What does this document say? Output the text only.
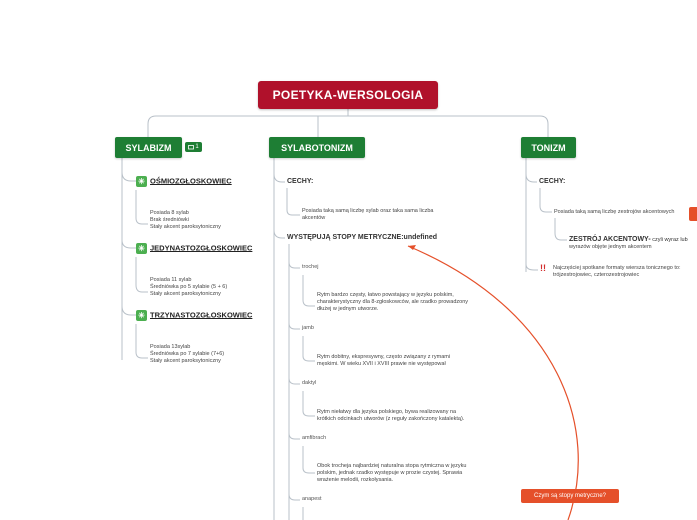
POETYKA-WERSOLOGIA
SYLABIZM	1
✳ OŚMIOZGŁOSKOWIEC
Posiada 8 sylab
Brak średniówki
Stały akcent paroksytoniczny
✳ JEDYNASTOZGŁOSKOWIEC
Posiada 11 sylab
Średniówka po 5 sylabie (5 + 6)
Stały akcent paroksytoniczny
✳ TRZYNASTOZGŁOSKOWIEC
Posiada 13sylab
Średniówka po 7 sylabie (7+6)
Stały akcent paroksytoniczny
SYLABOTONIZM
CECHY:
Posiada taką samą liczbę sylab oraz taka sama liczba
akcentów
WYSTĘPUJĄ STOPY METRYCZNE:undefined
trochej
Rytm bardzo częsty, łatwo powstający w języku polskim,
charakterystyczny dla 8-zgłoskowców, ale rzadko prowadzony
dłużej w jednym utworze.
jamb
Rytm dobitny, ekspresywny, często związany z rymami
męskimi. W wieku XVII i XVIII prawie nie występował
daktyl
Rytm niełatwy dla języka polskiego, bywa realizowany na
krótkich odcinkach utworów (z reguły zakończony katalektą).
amfibrach
Obok trocheja najbardziej naturalna stopa rytmiczna w języku
polskim, jednak rzadko występuje w prozie czystej. Sprawia
wrażenie melodii, rozkołysania.
anapest
TONIZM
CECHY:
Posiada taką samą liczbę zestrojów akcentowych
ZESTRÓJ AKCENTOWY- czyli wyraz lub
wyrazów objęte jednym akcentem
!! Najczęściej spotkane formaty wiersza tonicznego to:
trójzestrojowiec, czterozestrojowiec
Czym są stopy metryczne?
